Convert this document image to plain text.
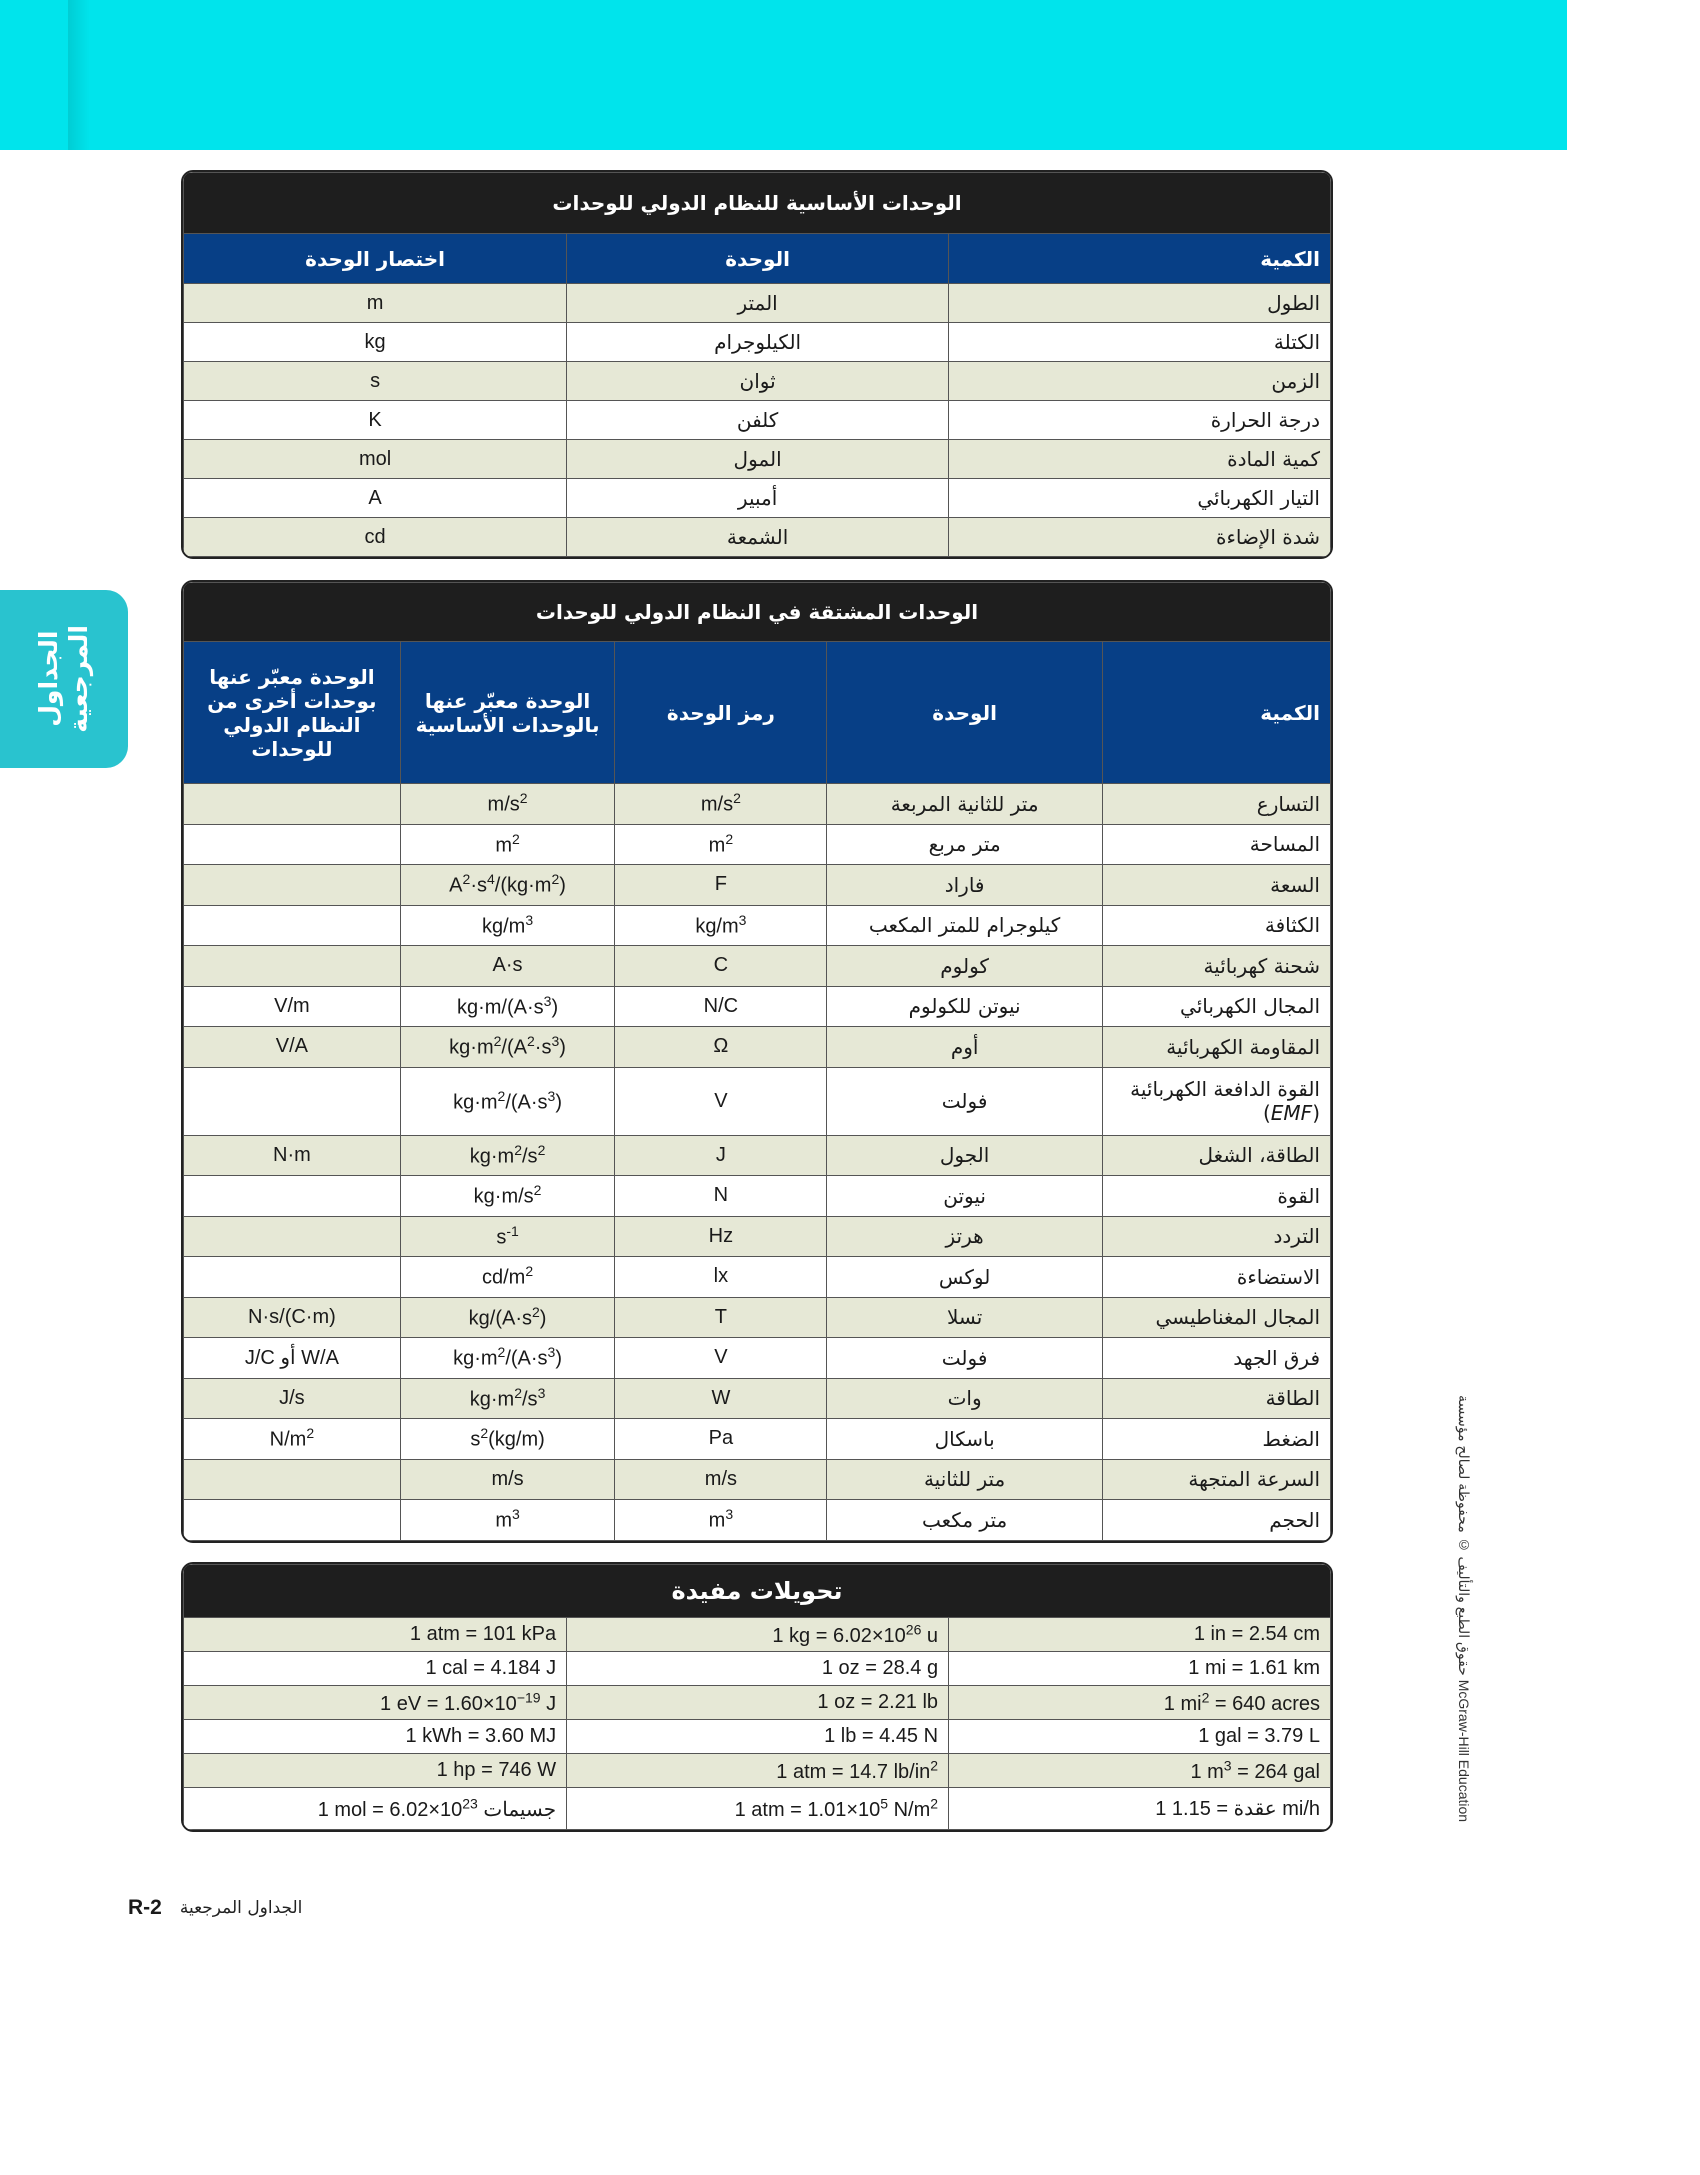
الجداول
المرجعية
حقوق الطبع والتأليف © محفوظة لصالح مؤسسة McGraw-Hill Education
الوحدات الأساسية للنظام الدولي للوحدات		
الكمية	الوحدة	اختصار الوحدة
الطول	المتر	m
الكتلة	الكيلوجرام	kg
الزمن	ثوان	s
درجة الحرارة	كلفن	K
كمية المادة	المول	mol
التيار الكهربائي	أمبير	A
شدة الإضاءة	الشمعة	cd
الوحدات المشتقة في النظام الدولي للوحدات				
الكمية	الوحدة	رمز الوحدة	الوحدة معبّر عنها بالوحدات الأساسية	الوحدة معبّر عنها بوحدات أخرى من النظام الدولي للوحدات
التسارع	متر للثانية المربعة	$m/s^2$	$m/s^2$	
المساحة	متر مربع	$m^2$	$m^2$	
السعة	فاراد	F	$A^2\cdot s^4/(kg\cdot m^2)$	
الكثافة	كيلوجرام للمتر المكعب	$kg/m^3$	$kg/m^3$	
شحنة كهربائية	كولوم	C	A·s	
المجال الكهربائي	نيوتن للكولوم	N/C	$kg\cdot m/(A\cdot s^3)$	V/m
المقاومة الكهربائية	أوم	Ω	$kg\cdot m^2/(A^2\cdot s^3)$	V/A
القوة الدافعة الكهربائية (EMF)	فولت	V	$kg\cdot m^2/(A\cdot s^3)$	
الطاقة، الشغل	الجول	J	$kg\cdot m^2/s^2$	N·m
القوة	نيوتن	N	$kg\cdot m/s^2$	
التردد	هرتز	Hz	$s^{-1}$	
الاستضاءة	لوكس	lx	$cd/m^2$	
المجال المغناطيسي	تسلا	T	$kg/(A\cdot s^2)$	N·s/(C·m)
فرق الجهد	فولت	V	$kg\cdot m^2/(A\cdot s^3)$	W/A أو J/C
الطاقة	وات	W	$kg\cdot m^2/s^3$	J/s
الضغط	باسكال	Pa	$(kg/m)s^2$	$N/m^2$
السرعة المتجهة	متر للثانية	m/s	m/s	
الحجم	متر مكعب	$m^3$	$m^3$	
تحويلات مفيدة		
1 in = 2.54 cm	1 kg = $6.02\times 10^{26}$ u	1 atm = 101 kPa
1 mi = 1.61 km	1 oz = 28.4 g	1 cal = 4.184 J
1 $mi^2 = 640$ acres	1 oz = 2.21 lb	1 eV = $1.60\times 10^{-19}$ J
1 gal = 3.79 L	1 lb = 4.45 N	1 kWh = 3.60 MJ
1 $m^3 = 264$ gal	1 atm = 14.7 $lb/in^2$	1 hp = 746 W
1 عقدة = 1.15 mi/h	1 atm = $1.01\times 10^5$ $N/m^2$	1 mol = $6.02\times 10^{23}$ جسيمات
R-2 الجداول المرجعية
